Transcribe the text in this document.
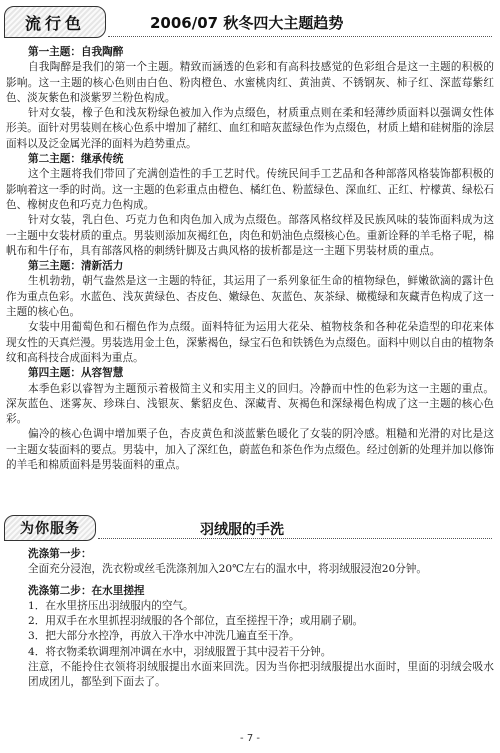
流行色	2006/07 秋冬四大主题趋势

第一主题：自我陶醉

自我陶醉是我们的第一个主题。精致而涵透的色彩和有高科技感觉的色彩组合是这一主题的积极的影响。这一主题的核心色则由白色、粉肉橙色、水蜜桃肉红、黄油黄、不锈钢灰、柿子红、深蓝莓紫红色、淡灰紫色和淡紫罗兰粉色构成。

针对女装，橡子色和浅灰粉绿色被加入作为点缀色，材质重点则在柔和轻薄纱质面料以强调女性体形美。面针对男装则在核心色系中增加了赭红、血红和暗灰蓝绿色作为点缀色，材质上蜡和硅树脂的涂层面料以及泛金属光泽的面料为趋势重点。

第二主题：继承传统

这个主题将我们带回了充满创造性的手工艺时代。传统民间手工艺品和各种部落风格装饰都积极的影响着这一季的时尚。这一主题的色彩重点由橙色、橘红色、粉蓝绿色、深血红、正红、柠檬黄、绿松石色、橡树皮色和巧克力色构成。

针对女装，乳白色、巧克力色和肉色加入成为点缀色。部落风格纹样及民族风味的装饰面料成为这一主题中女装材质的重点。男装则添加灰褐红色，肉色和奶油色点缀核心色。重新诠释的羊毛格子呢，棉帆布和牛仔布，具有部落风格的刺绣针脚及古典风格的拔析都是这一主题下男装材质的重点。

第三主题：清新活力

生机勃勃，朝气盎然是这一主题的特征，其运用了一系列象征生命的植物绿色，鲜嫩欲滴的露计色作为重点色彩。水蓝色、浅灰黄绿色、杏皮色、嫩绿色、灰蓝色、灰茶绿、橄榄绿和灰藏青色构成了这一主题的核心色。

女装中用葡萄色和石榴色作为点缀。面料特征为运用大花朵、植物枝条和各种花朵造型的印花来体现女性的天真烂漫。男装选用金土色，深紫褐色，绿宝石色和铁锈色为点缀色。面料中则以自由的植物条纹和高科技合成面料为重点。

第四主题：从容智慧

本季色彩以睿智为主题预示着极简主义和实用主义的回归。冷静而中性的色彩为这一主题的重点。深灰蓝色、迷雾灰、珍珠白、浅银灰、紫貂皮色、深藏青、灰褐色和深绿褐色构成了这一主题的核心色彩。

偏冷的核心色调中增加栗子色，杏皮黄色和淡蓝紫色暖化了女装的阴冷感。粗糙和光滑的对比是这一主题女装面料的要点。男装中，加入了深红色，蔚蓝色和茶色作为点缀色。经过创新的处理并加以修饰的羊毛和棉质面料是男装面料的重点。

为你服务	羽绒服的手洗

洗涤第一步：

全面充分浸泡，洗衣粉或丝毛洗涤剂加入20℃左右的温水中，将羽绒服浸泡20分钟。

洗涤第二步：在水里搓捏

1．在水里挤压出羽绒服内的空气。

2．用双手在水里抓捏羽绒服的各个部位，直至搓捏干净；或用刷子刷。

3．把大部分水控净，再放入干净水中冲洗几遍直至干净。

4．将衣物柔软调理剂冲调在水中，羽绒服置于其中浸若干分钟。

注意，不能拎住衣领将羽绒服提出水面来回洗。因为当你把羽绒服提出水面时，里面的羽绒会吸水团成团儿，都坠到下面去了。

- 7 -
